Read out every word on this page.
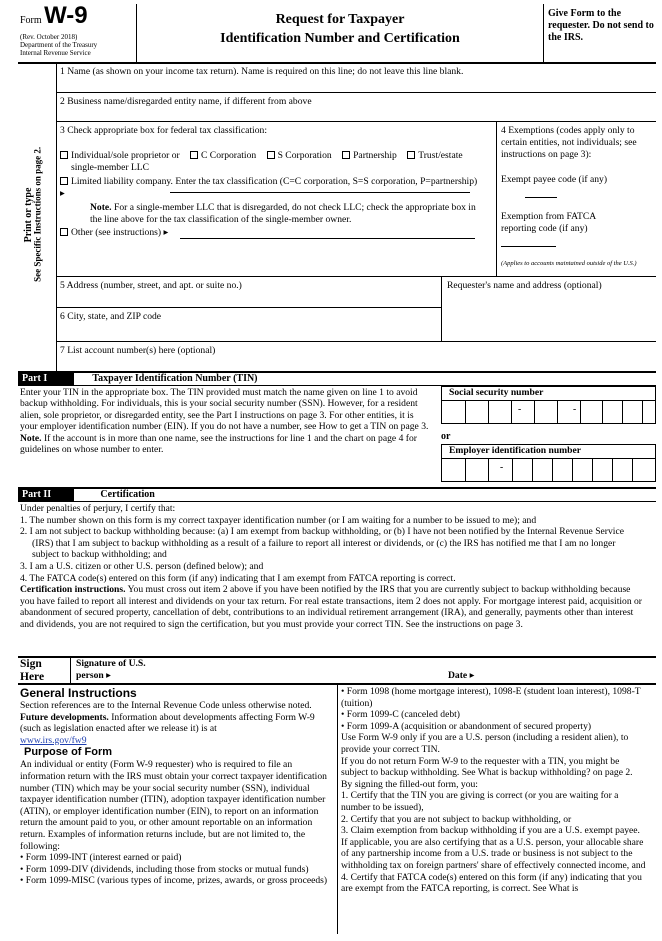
Form W-9
(Rev. October 2018)
Department of the Treasury
Internal Revenue Service
Request for Taxpayer
Identification Number and Certification
Give Form to the requester. Do not send to the IRS.
Print or type
See Specific Instructions on page 2.
1 Name (as shown on your income tax return). Name is required on this line; do not leave this line blank.
2 Business name/disregarded entity name, if different from above
3 Check appropriate box for federal tax classification:
Individual/sole proprietor or single-member LLC
C Corporation S Corporation Partnership Trust/estate
Limited liability company. Enter the tax classification (C=C corporation, S=S corporation, P=partnership) ▸
Note. For a single-member LLC that is disregarded, do not check LLC; check the appropriate box in the line above for the tax classification of the single-member owner.
Other (see instructions) ▸
4 Exemptions (codes apply only to certain entities, not individuals; see instructions on page 3):
Exempt payee code (if any)
Exemption from FATCA reporting code (if any)
(Applies to accounts maintained outside of the U.S.)
5 Address (number, street, and apt. or suite no.)	Requester's name and address (optional)
6 City, state, and ZIP code
7 List account number(s) here (optional)
Part I	Taxpayer Identification Number (TIN)
Enter your TIN in the appropriate box. The TIN provided must match the name given on line 1 to avoid backup withholding. For individuals, this is your social security number (SSN). However, for a resident alien, sole proprietor, or disregarded entity, see the Part I instructions on page 3. For other entities, it is your employer identification number (EIN). If you do not have a number, see How to get a TIN on page 3.
Note. If the account is in more than one name, see the instructions for line 1 and the chart on page 4 for guidelines on whose number to enter.
Social security number
-	-
or
Employer identification number
-
Part II	Certification
Under penalties of perjury, I certify that:
1. The number shown on this form is my correct taxpayer identification number (or I am waiting for a number to be issued to me); and
2. I am not subject to backup withholding because: (a) I am exempt from backup withholding, or (b) I have not been notified by the Internal Revenue Service (IRS) that I am subject to backup withholding as a result of a failure to report all interest or dividends, or (c) the IRS has notified me that I am no longer subject to backup withholding; and
3. I am a U.S. citizen or other U.S. person (defined below); and
4. The FATCA code(s) entered on this form (if any) indicating that I am exempt from FATCA reporting is correct.
Certification instructions. You must cross out item 2 above if you have been notified by the IRS that you are currently subject to backup withholding because you have failed to report all interest and dividends on your tax return. For real estate transactions, item 2 does not apply. For mortgage interest paid, acquisition or abandonment of secured property, cancellation of debt, contributions to an individual retirement arrangement (IRA), and generally, payments other than interest and dividends, you are not required to sign the certification, but you must provide your correct TIN. See the instructions on page 3.
Sign Here
Signature of U.S. person ▸	Date ▸
General Instructions

Section references are to the Internal Revenue Code unless otherwise noted.

Future developments. Information about developments affecting Form W-9 (such as legislation enacted after we release it) is at

www.irs.gov/fw9

Purpose of Form

An individual or entity (Form W-9 requester) who is required to file an information return with the IRS must obtain your correct taxpayer identification number (TIN) which may be your social security number (SSN), individual taxpayer identification number (ITIN), adoption taxpayer identification number (ATIN), or employer identification number (EIN), to report on an information return the amount paid to you, or other amount reportable on an information return. Examples of information returns include, but are not limited to, the following:

• Form 1099-INT (interest earned or paid)

• Form 1099-DIV (dividends, including those from stocks or mutual funds)

• Form 1099-MISC (various types of income, prizes, awards, or gross proceeds)

• Form 1098 (home mortgage interest), 1098-E (student loan interest), 1098-T (tuition)

• Form 1099-C (canceled debt)

• Form 1099-A (acquisition or abandonment of secured property)

Use Form W-9 only if you are a U.S. person (including a resident alien), to provide your correct TIN.

If you do not return Form W-9 to the requester with a TIN, you might be subject to backup withholding. See What is backup withholding? on page 2.

By signing the filled-out form, you:

1. Certify that the TIN you are giving is correct (or you are waiting for a number to be issued),

2. Certify that you are not subject to backup withholding, or

3. Claim exemption from backup withholding if you are a U.S. exempt payee. If applicable, you are also certifying that as a U.S. person, your allocable share of any partnership income from a U.S. trade or business is not subject to the withholding tax on foreign partners' share of effectively connected income, and

4. Certify that FATCA code(s) entered on this form (if any) indicating that you are exempt from the FATCA reporting, is correct. See What is
